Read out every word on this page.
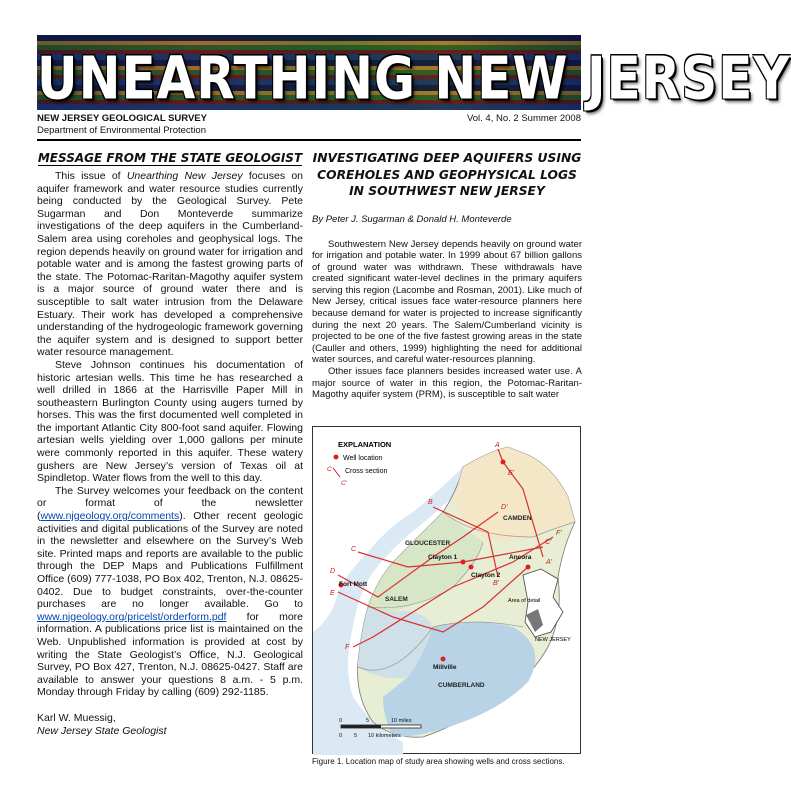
UNEARTHING NEW JERSEY
NEW JERSEY GEOLOGICAL SURVEY
Department of Environmental Protection
Vol. 4, No. 2 Summer 2008
MESSAGE FROM THE STATE GEOLOGIST

This issue of Unearthing New Jersey focuses on aquifer framework and water resource studies currently being conducted by the Geological Survey. Pete Sugarman and Don Monteverde summarize investigations of the deep aquifers in the Cumberland-Salem area using coreholes and geophysical logs. The region depends heavily on ground water for irrigation and potable water and is among the fastest growing parts of the state. The Potomac-Raritan-Magothy aquifer system is a major source of ground water there and is susceptible to salt water intrusion from the Delaware Estuary. Their work has developed a comprehensive understanding of the hydrogeologic framework governing the aquifer system and is designed to support better water resource management.

Steve Johnson continues his documentation of historic artesian wells. This time he has researched a well drilled in 1866 at the Harrisville Paper Mill in southeastern Burlington County using augers turned by horses. This was the first documented well completed in the important Atlantic City 800-foot sand aquifer. Flowing artesian wells yielding over 1,000 gallons per minute were commonly reported in this aquifer. These watery gushers are New Jersey’s version of Texas oil at Spindletop. Water flows from the well to this day.

The Survey welcomes your feedback on the content or format of the newsletter (www.njgeology.org/comments). Other recent geologic activities and digital publications of the Survey are noted in the newsletter and elsewhere on the Survey’s Web site. Printed maps and reports are available to the public through the DEP Maps and Publications Fulfillment Office (609) 777-1038, PO Box 402, Trenton, N.J. 08625-0402. Due to budget constraints, over-the-counter purchases are no longer available. Go to www.njgeology.org/pricelst/orderform.pdf for more information. A publications price list is maintained on the Web. Unpublished information is provided at cost by writing the State Geologist’s Office, N.J. Geological Survey, PO Box 427, Trenton, N.J. 08625-0427. Staff are available to answer your questions 8 a.m. - 5 p.m. Monday through Friday by calling (609) 292-1185.

Karl W. Muessig,
New Jersey State Geologist
INVESTIGATING DEEP AQUIFERS USING
COREHOLES AND GEOPHYSICAL LOGS
IN SOUTHWEST NEW JERSEY
By Peter J. Sugarman & Donald H. Monteverde

Southwestern New Jersey depends heavily on ground water for irrigation and potable water. In 1999 about 67 billion gallons of ground water was withdrawn. These withdrawals have created significant water-level declines in the primary aquifers serving this region (Lacombe and Rosman, 2001). Like much of New Jersey, critical issues face water-resource planners here because demand for water is projected to increase significantly during the next 20 years. The Salem/Cumberland vicinity is projected to be one of the five fastest growing areas in the state (Cauller and others, 1999) highlighting the need for additional water sources, and careful water-resources planning.

Other issues face planners besides increased water use. A major source of water in this region, the Potomac-Raritan-Magothy aquifer system (PRM), is susceptible to salt water

EXPLANATION
Well location
C
C'
Cross section
A
A'
B
B'
C
C'
D
D'
E
E'
F
F'
CAMDEN
GLOUCESTER
SALEM
CUMBERLAND
Clayton 1
Clayton 2
Ancora
Fort Mott
Millville
Area of detail
NEW JERSEY
0	5	10 miles
0 5 10 kilometers
Figure 1. Location map of study area showing wells and cross sections.
